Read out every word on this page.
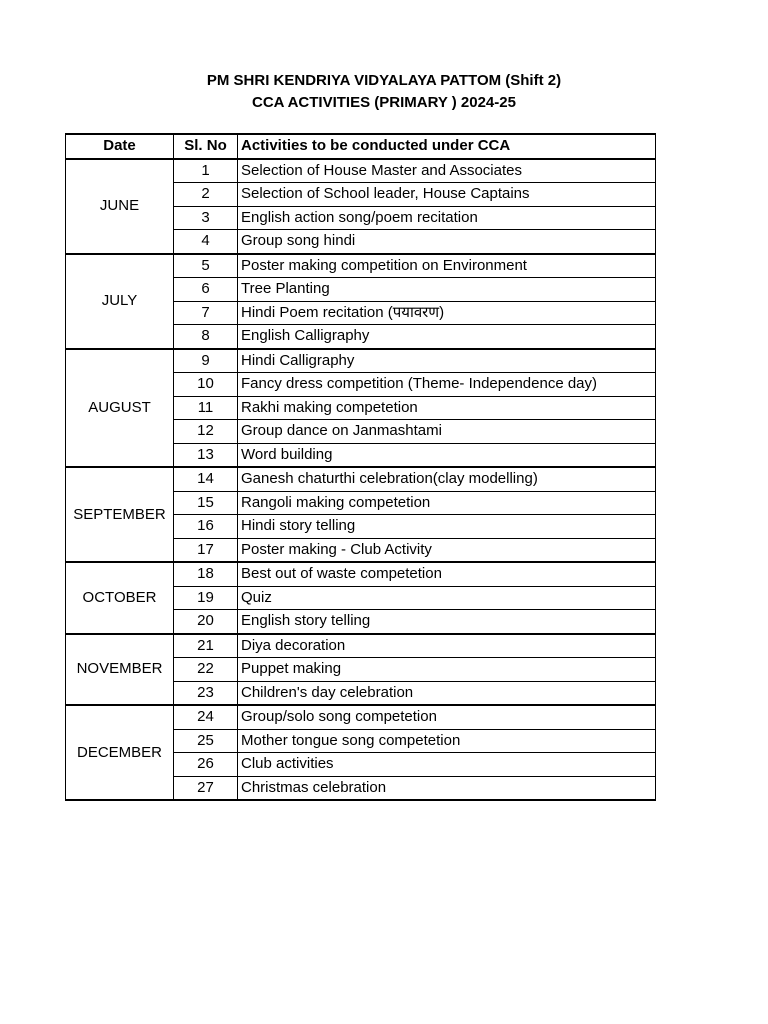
PM SHRI KENDRIYA VIDYALAYA PATTOM (Shift 2)
CCA ACTIVITIES (PRIMARY ) 2024-25
Date	Sl. No	Activities to be conducted under CCA
JUNE	1	Selection of House Master and Associates
	2	Selection of School leader, House Captains
	3	English action song/poem recitation
	4	Group song hindi
JULY	5	Poster making competition on Environment
	6	Tree Planting
	7	Hindi Poem recitation (पयावरण)
	8	English Calligraphy
AUGUST	9	Hindi Calligraphy
	10	Fancy dress competition (Theme- Independence day)
	11	Rakhi making competetion
	12	Group dance on Janmashtami
	13	Word building
SEPTEMBER	14	Ganesh chaturthi celebration(clay modelling)
	15	Rangoli making competetion
	16	Hindi story telling
	17	Poster making - Club Activity
OCTOBER	18	Best out of waste competetion
	19	Quiz
	20	English story telling
NOVEMBER	21	Diya decoration
	22	Puppet making
	23	Children's day celebration
DECEMBER	24	Group/solo song competetion
	25	Mother tongue song competetion
	26	Club activities
	27	Christmas celebration
